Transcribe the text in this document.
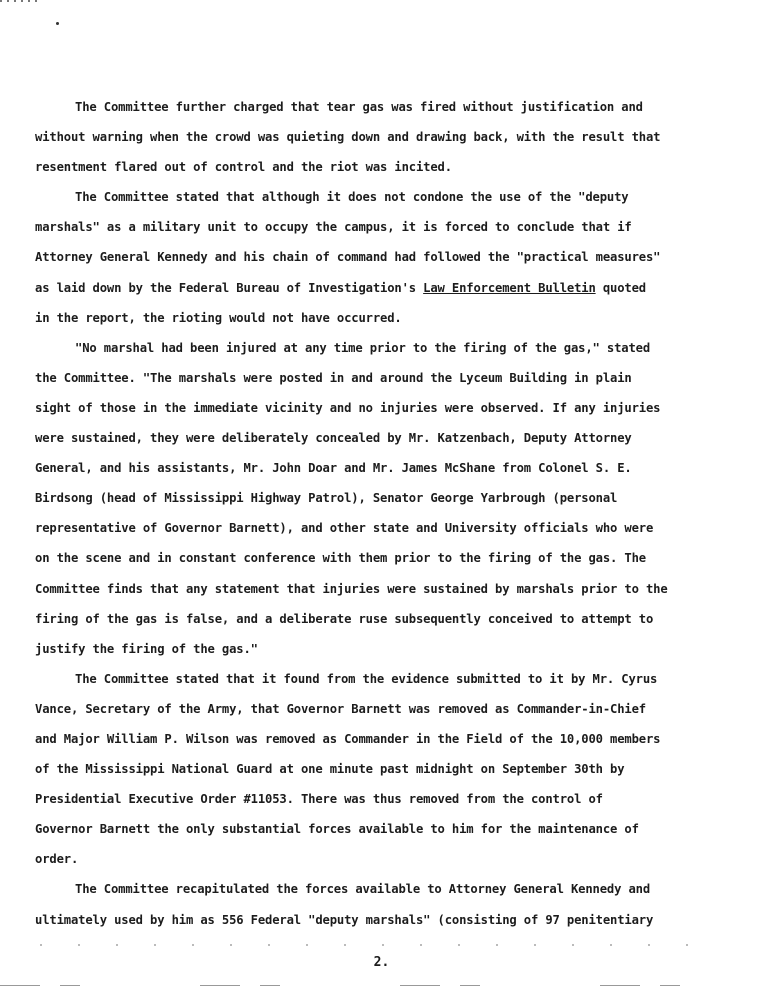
The Committee further charged that tear gas was fired without justification and

without warning when the crowd was quieting down and drawing back, with the result that

resentment flared out of control and the riot was incited.

The Committee stated that although it does not condone the use of the "deputy

marshals" as a military unit to occupy the campus, it is forced to conclude that if

Attorney General Kennedy and his chain of command had followed the "practical measures"

as laid down by the Federal Bureau of Investigation's Law Enforcement Bulletin quoted

in the report, the rioting would not have occurred.

"No marshal had been injured at any time prior to the firing of the gas," stated

the Committee. "The marshals were posted in and around the Lyceum Building in plain

sight of those in the immediate vicinity and no injuries were observed. If any injuries

were sustained, they were deliberately concealed by Mr. Katzenbach, Deputy Attorney

General, and his assistants, Mr. John Doar and Mr. James McShane from Colonel S. E.

Birdsong (head of Mississippi Highway Patrol), Senator George Yarbrough (personal

representative of Governor Barnett), and other state and University officials who were

on the scene and in constant conference with them prior to the firing of the gas. The

Committee finds that any statement that injuries were sustained by marshals prior to the

firing of the gas is false, and a deliberate ruse subsequently conceived to attempt to

justify the firing of the gas."

The Committee stated that it found from the evidence submitted to it by Mr. Cyrus

Vance, Secretary of the Army, that Governor Barnett was removed as Commander-in-Chief

and Major William P. Wilson was removed as Commander in the Field of the 10,000 members

of the Mississippi National Guard at one minute past midnight on September 30th by

Presidential Executive Order #11053. There was thus removed from the control of

Governor Barnett the only substantial forces available to him for the maintenance of

order.

The Committee recapitulated the forces available to Attorney General Kennedy and

ultimately used by him as 556 Federal "deputy marshals" (consisting of 97 penitentiary

2.
